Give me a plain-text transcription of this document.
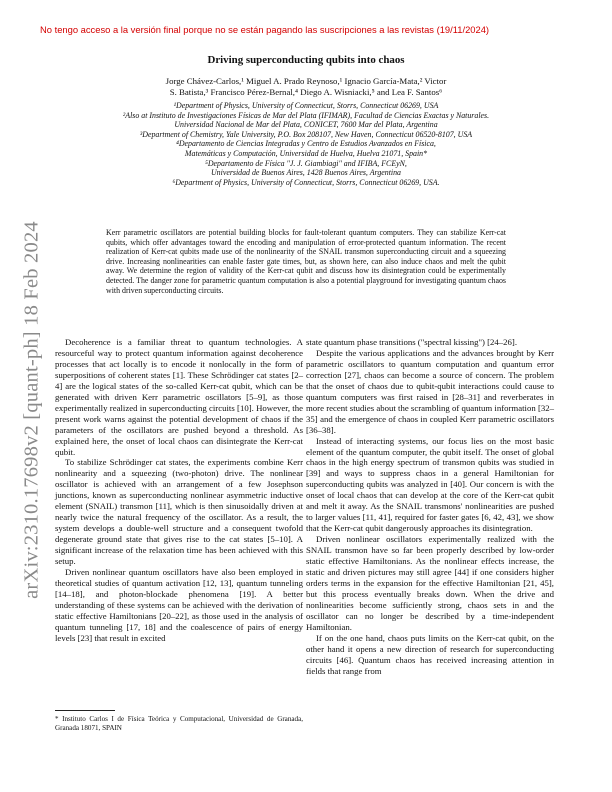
No tengo acceso a la versión final porque no se están pagando las suscripciones a las revistas (19/11/2024)
arXiv:2310.17698v2 [quant-ph] 18 Feb 2024
Driving superconducting qubits into chaos
Jorge Chávez-Carlos,¹ Miguel A. Prado Reynoso,¹ Ignacio García-Mata,² Victor
S. Batista,³ Francisco Pérez-Bernal,⁴ Diego A. Wisniacki,⁵ and Lea F. Santos⁶
¹Department of Physics, University of Connecticut, Storrs, Connecticut 06269, USA
²Also at Instituto de Investigaciones Físicas de Mar del Plata (IFIMAR), Facultad de Ciencias Exactas y Naturales.
Universidad Nacional de Mar del Plata, CONICET, 7600 Mar del Plata, Argentina
³Department of Chemistry, Yale University, P.O. Box 208107, New Haven, Connecticut 06520-8107, USA
⁴Departamento de Ciencias Integradas y Centro de Estudios Avanzados en Física,
Matemáticas y Computación, Universidad de Huelva, Huelva 21071, Spain*
⁵Departamento de Física "J. J. Giambiagi" and IFIBA, FCEyN,
Universidad de Buenos Aires, 1428 Buenos Aires, Argentina
⁶Department of Physics, University of Connecticut, Storrs, Connecticut 06269, USA.
Kerr parametric oscillators are potential building blocks for fault-tolerant quantum computers. They can stabilize Kerr-cat qubits, which offer advantages toward the encoding and manipulation of error-protected quantum information. The recent realization of Kerr-cat qubits made use of the nonlinearity of the SNAIL transmon superconducting circuit and a squeezing drive. Increasing nonlinearities can enable faster gate times, but, as shown here, can also induce chaos and melt the qubit away. We determine the region of validity of the Kerr-cat qubit and discuss how its disintegration could be experimentally detected. The danger zone for parametric quantum computation is also a potential playground for investigating quantum chaos with driven superconducting circuits.

Decoherence is a familiar threat to quantum technologies. A resourceful way to protect quantum information against decoherence processes that act locally is to encode it nonlocally in the form of superpositions of coherent states [1]. These Schrödinger cat states [2–4] are the logical states of the so-called Kerr-cat qubit, which can be generated with driven Kerr parametric oscillators [5–9], as those experimentally realized in superconducting circuits [10]. However, the present work warns against the potential development of chaos if the parameters of the oscillators are pushed beyond a threshold. As explained here, the onset of local chaos can disintegrate the Kerr-cat qubit.

To stabilize Schrödinger cat states, the experiments combine Kerr nonlinearity and a squeezing (two-photon) drive. The nonlinear oscillator is achieved with an arrangement of a few Josephson junctions, known as superconducting nonlinear asymmetric inductive element (SNAIL) transmon [11], which is then sinusoidally driven at nearly twice the natural frequency of the oscillator. As a result, the system develops a double-well structure and a consequent twofold degenerate ground state that gives rise to the cat states [5–10]. A significant increase of the relaxation time has been achieved with this setup.

Driven nonlinear quantum oscillators have also been employed in theoretical studies of quantum activation [12, 13], quantum tunneling [14–18], and photon-blockade phenomena [19]. A better understanding of these systems can be achieved with the derivation of static effective Hamiltonians [20–22], as those used in the analysis of quantum tunneling [17, 18] and the coalescence of pairs of energy levels [23] that result in excited

state quantum phase transitions ("spectral kissing") [24–26].

Despite the various applications and the advances brought by Kerr parametric oscillators to quantum computation and quantum error correction [27], chaos can become a source of concern. The problem that the onset of chaos due to qubit-qubit interactions could cause to quantum computers was first raised in [28–31] and reverberates in more recent studies about the scrambling of quantum information [32–35] and the emergence of chaos in coupled Kerr parametric oscillators [36–38].

Instead of interacting systems, our focus lies on the most basic element of the quantum computer, the qubit itself. The onset of global chaos in the high energy spectrum of transmon qubits was studied in [39] and ways to suppress chaos in a general Hamiltonian for superconducting qubits was analyzed in [40]. Our concern is with the onset of local chaos that can develop at the core of the Kerr-cat qubit and melt it away. As the SNAIL transmons' nonlinearities are pushed to larger values [11, 41], required for faster gates [6, 42, 43], we show that the Kerr-cat qubit dangerously approaches its disintegration.

Driven nonlinear oscillators experimentally realized with the SNAIL transmon have so far been properly described by low-order static effective Hamiltonians. As the nonlinear effects increase, the static and driven pictures may still agree [44] if one considers higher orders terms in the expansion for the effective Hamiltonian [21, 45], but this process eventually breaks down. When the drive and nonlinearities become sufficiently strong, chaos sets in and the oscillator can no longer be described by a time-independent Hamiltonian.

If on the one hand, chaos puts limits on the Kerr-cat qubit, on the other hand it opens a new direction of research for superconducting circuits [46]. Quantum chaos has received increasing attention in fields that range from

* Instituto Carlos I de Física Teórica y Computacional, Universidad de Granada, Granada 18071, SPAIN
